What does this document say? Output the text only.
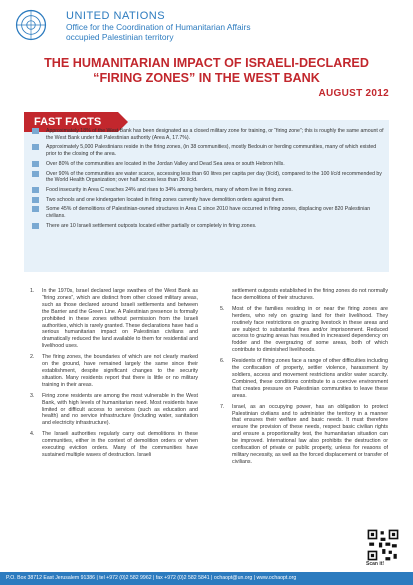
UNITED NATIONS
Office for the Coordination of Humanitarian Affairs
occupied Palestinian territory
THE HUMANITARIAN IMPACT OF ISRAELI-DECLARED
“FIRING ZONES” IN THE WEST BANK
AUGUST 2012
FAST FACTS
Approximately 18% of the West Bank has been designated as a closed military zone for training, or “firing zone”; this is roughly the same amount of the West Bank under full Palestinian authority (Area A, 17.7%).
Approximately 5,000 Palestinians reside in the firing zones, (in 38 communities), mostly Bedouin or herding communities, many of which existed prior to the closing of the area.
Over 80% of the communities are located in the Jordan Valley and Dead Sea area or south Hebron hills.
Over 90% of the communities are water scarce, accessing less than 60 litres per capita per day (l/c/d), compared to the 100 l/c/d recommended by the World Health Organization; over half access less than 30 l/c/d.
Food insecurity in Area C reaches 24% and rises to 34% among herders, many of whom live in firing zones.
Two schools and one kindergarten located in firing zones currently have demolition orders against them.
Some 45% of demolitions of Palestinian-owned structures in Area C since 2010 have occurred in firing zones, displacing over 820 Palestinian civilians.
There are 10 Israeli settlement outposts located either partially or completely in firing zones.
1. In the 1970s, Israel declared large swathes of the West Bank as “firing zones”, which are distinct from other closed military areas, such as those declared around Israeli settlements and between the Barrier and the Green Line. A Palestinian presence is formally prohibited in these zones without permission from the Israeli authorities, which is rarely granted. These declarations have had a serious humanitarian impact on Palestinian civilians and dramatically reduced the land available to them for residential and livelihood uses.
2. The firing zones, the boundaries of which are not clearly marked on the ground, have remained largely the same since their establishment, despite significant changes to the security situation. Many residents report that there is little or no military training in their areas.
3. Firing zone residents are among the most vulnerable in the West Bank, with high levels of humanitarian need. Most residents have limited or difficult access to services (such as education and health) and no service infrastructure (including water, sanitation and electricity infrastructure).
4. The Israeli authorities regularly carry out demolitions in these communities, either in the context of demolition orders or when executing eviction orders. Many of the communities have sustained multiple waves of destruction. Israeli
settlement outposts established in the firing zones do not normally face demolitions of their structures.
5. Most of the families residing in or near the firing zones are herders, who rely on grazing land for their livelihood. They routinely face restrictions on grazing livestock in these areas and are subject to substantial fines and/or imprisonment. Reduced access to grazing areas has resulted in increased dependency on fodder and the overgrazing of some areas, both of which contribute to diminished livelihoods.
6. Residents of firing zones face a range of other difficulties including the confiscation of property, settler violence, harassment by soldiers, access and movement restrictions and/or water scarcity. Combined, these conditions contribute to a coercive environment that creates pressure on Palestinian communities to leave these areas.
7. Israel, as an occupying power, has an obligation to protect Palestinian civilians and to administer the territory in a manner that ensures their welfare and basic needs. It must therefore ensure the provision of these needs, respect basic civilian rights and ensure a proportionality test, the humanitarian situation can be improved. International law also prohibits the destruction or confiscation of private or public property, unless for reasons of military necessity, as well as the forced displacement or transfer of civilians.
Scan it!
P.O. Box 38712 East Jerusalem 91386 | tel +972 (0)2 582 9962 | fax +972 (0)2 582 5841 | ochaopt@un.org | www.ochaopt.org
